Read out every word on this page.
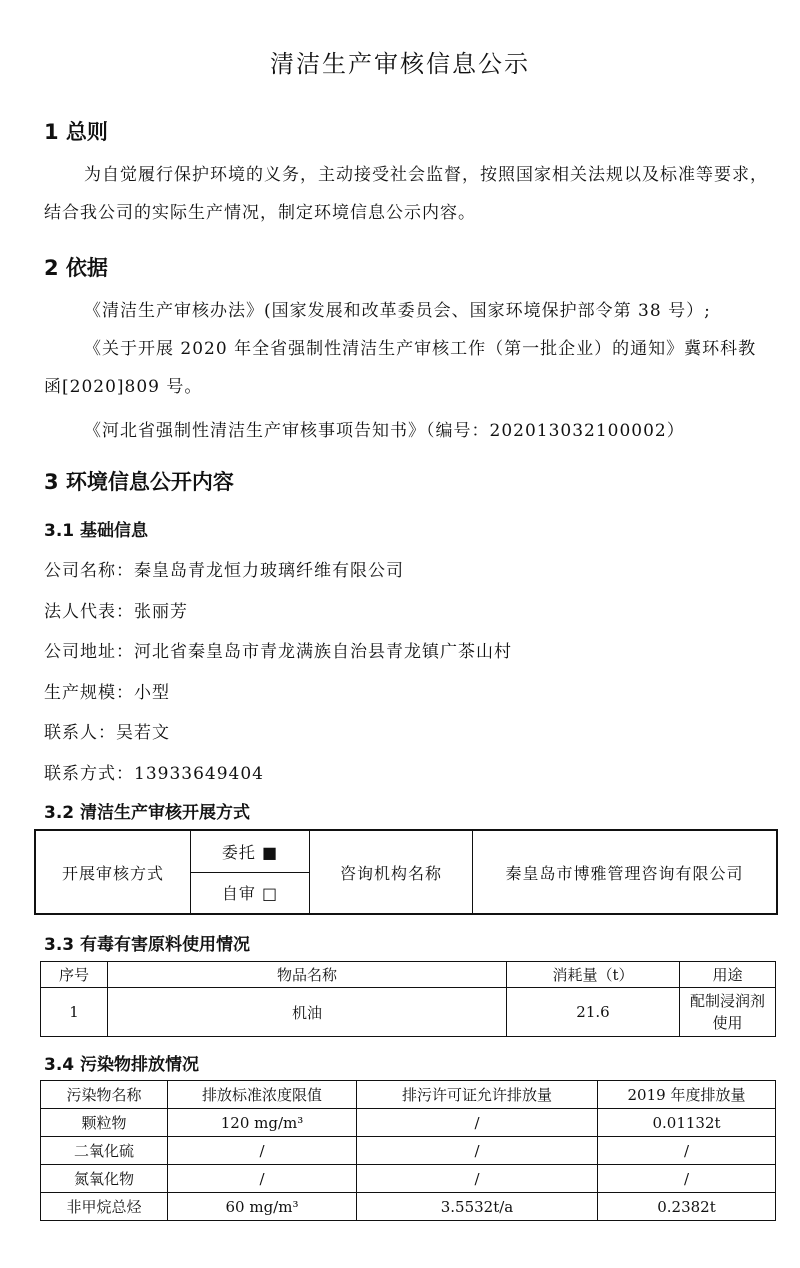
清洁生产审核信息公示
1 总则
为自觉履行保护环境的义务，主动接受社会监督，按照国家相关法规以及标准等要求，结合我公司的实际生产情况，制定环境信息公示内容。
2 依据
《清洁生产审核办法》(国家发展和改革委员会、国家环境保护部令第 38 号）;
《关于开展 2020 年全省强制性清洁生产审核工作（第一批企业）的通知》冀环科教函[2020]809 号。
《河北省强制性清洁生产审核事项告知书》（编号：202013032100002）
3 环境信息公开内容
3.1 基础信息
公司名称：秦皇岛青龙恒力玻璃纤维有限公司
法人代表：张丽芳
公司地址：河北省秦皇岛市青龙满族自治县青龙镇广茶山村
生产规模：小型
联系人：吴若文
联系方式：13933649404
3.2 清洁生产审核开展方式
开展审核方式	委托 ■	咨询机构名称	秦皇岛市博雅管理咨询有限公司
自审 □
3.3 有毒有害原料使用情况
序号	物品名称	消耗量（t）	用途
1	机油	21.6	配制浸润剂使用
3.4 污染物排放情况
污染物名称	排放标准浓度限值	排污许可证允许排放量	2019 年度排放量
颗粒物	120 mg/m³	/	0.01132t
二氧化硫	/	/	/
氮氧化物	/	/	/
非甲烷总烃	60 mg/m³	3.5532t/a	0.2382t
